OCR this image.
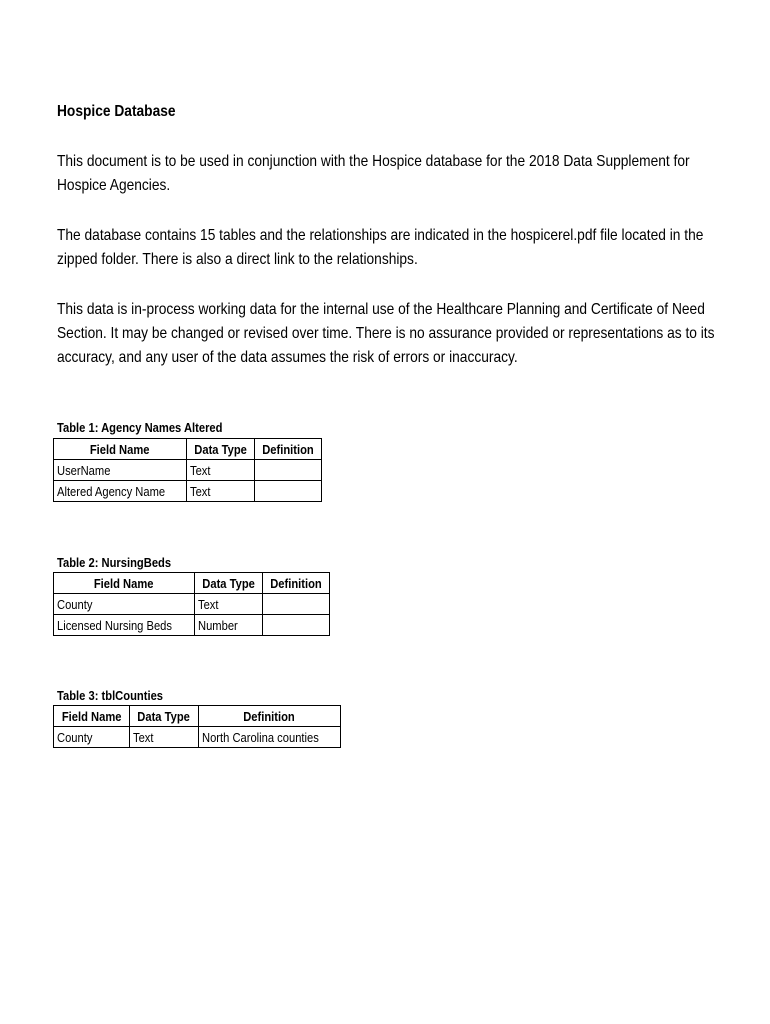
Hospice Database
This document is to be used in conjunction with the Hospice database for the 2018 Data Supplement for
Hospice Agencies.
The database contains 15 tables and the relationships are indicated in the hospicerel.pdf file located in the
zipped folder. There is also a direct link to the relationships.
This data is in-process working data for the internal use of the Healthcare Planning and Certificate of Need
Section. It may be changed or revised over time. There is no assurance provided or representations as to its
accuracy, and any user of the data assumes the risk of errors or inaccuracy.
Table 1: Agency Names Altered
Field Name	Data Type	Definition
UserName	Text	
Altered Agency Name	Text	
Table 2: NursingBeds
Field Name	Data Type	Definition
County	Text	
Licensed Nursing Beds	Number	
Table 3: tblCounties
Field Name	Data Type	Definition
County	Text	North Carolina counties
